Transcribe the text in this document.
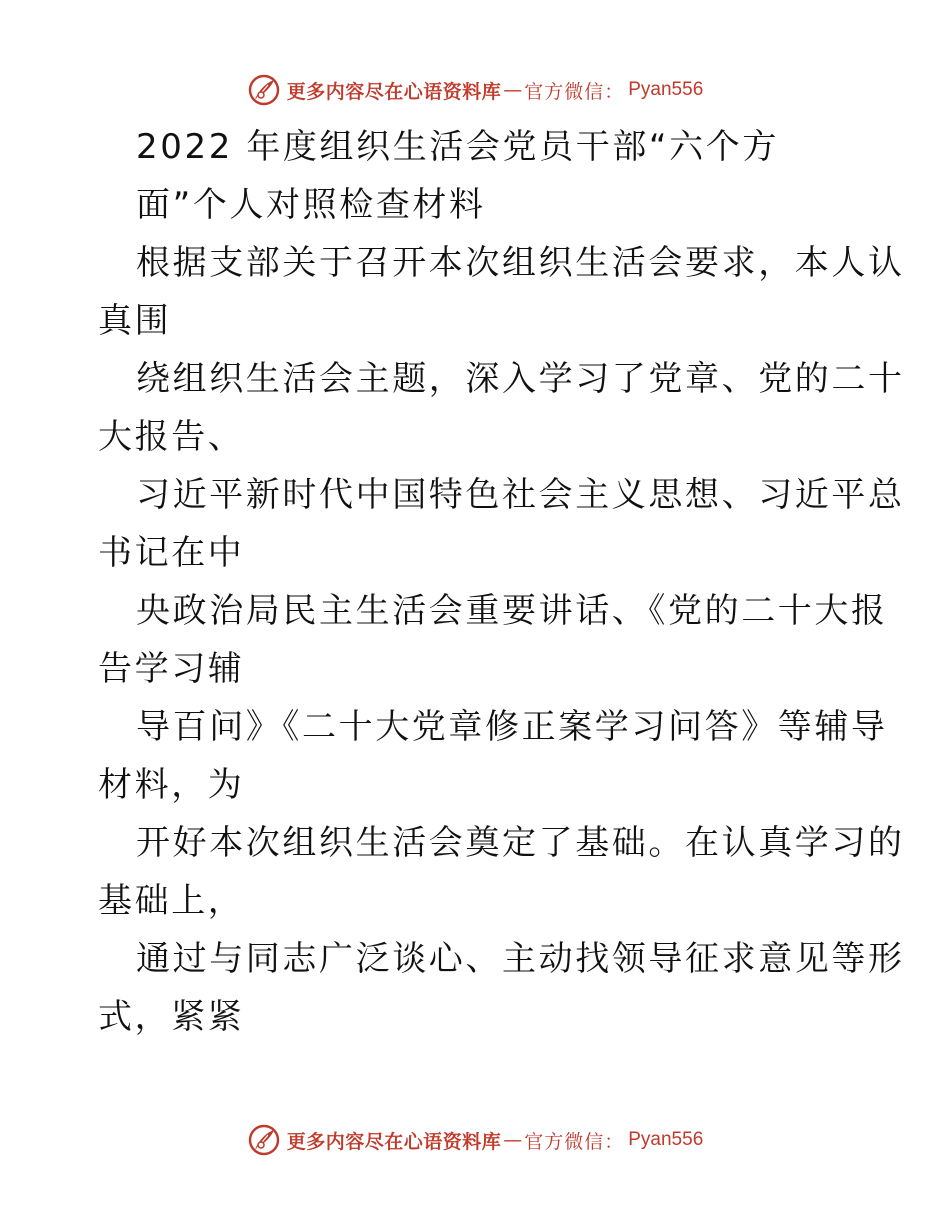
更多内容尽在心语资料库 — 官方微信： Pyan556
2022 年度组织生活会党员干部“六个方
面”个人对照检查材料
根据支部关于召开本次组织生活会要求，本人认
真围
绕组织生活会主题，深入学习了党章、党的二十
大报告、
习近平新时代中国特色社会主义思想、习近平总
书记在中
央政治局民主生活会重要讲话、《党的二十大报
告学习辅
导百问》《二十大党章修正案学习问答》等辅导
材料，为
开好本次组织生活会奠定了基础。在认真学习的
基础上，
通过与同志广泛谈心、主动找领导征求意见等形
式，紧紧
更多内容尽在心语资料库 — 官方微信： Pyan556
